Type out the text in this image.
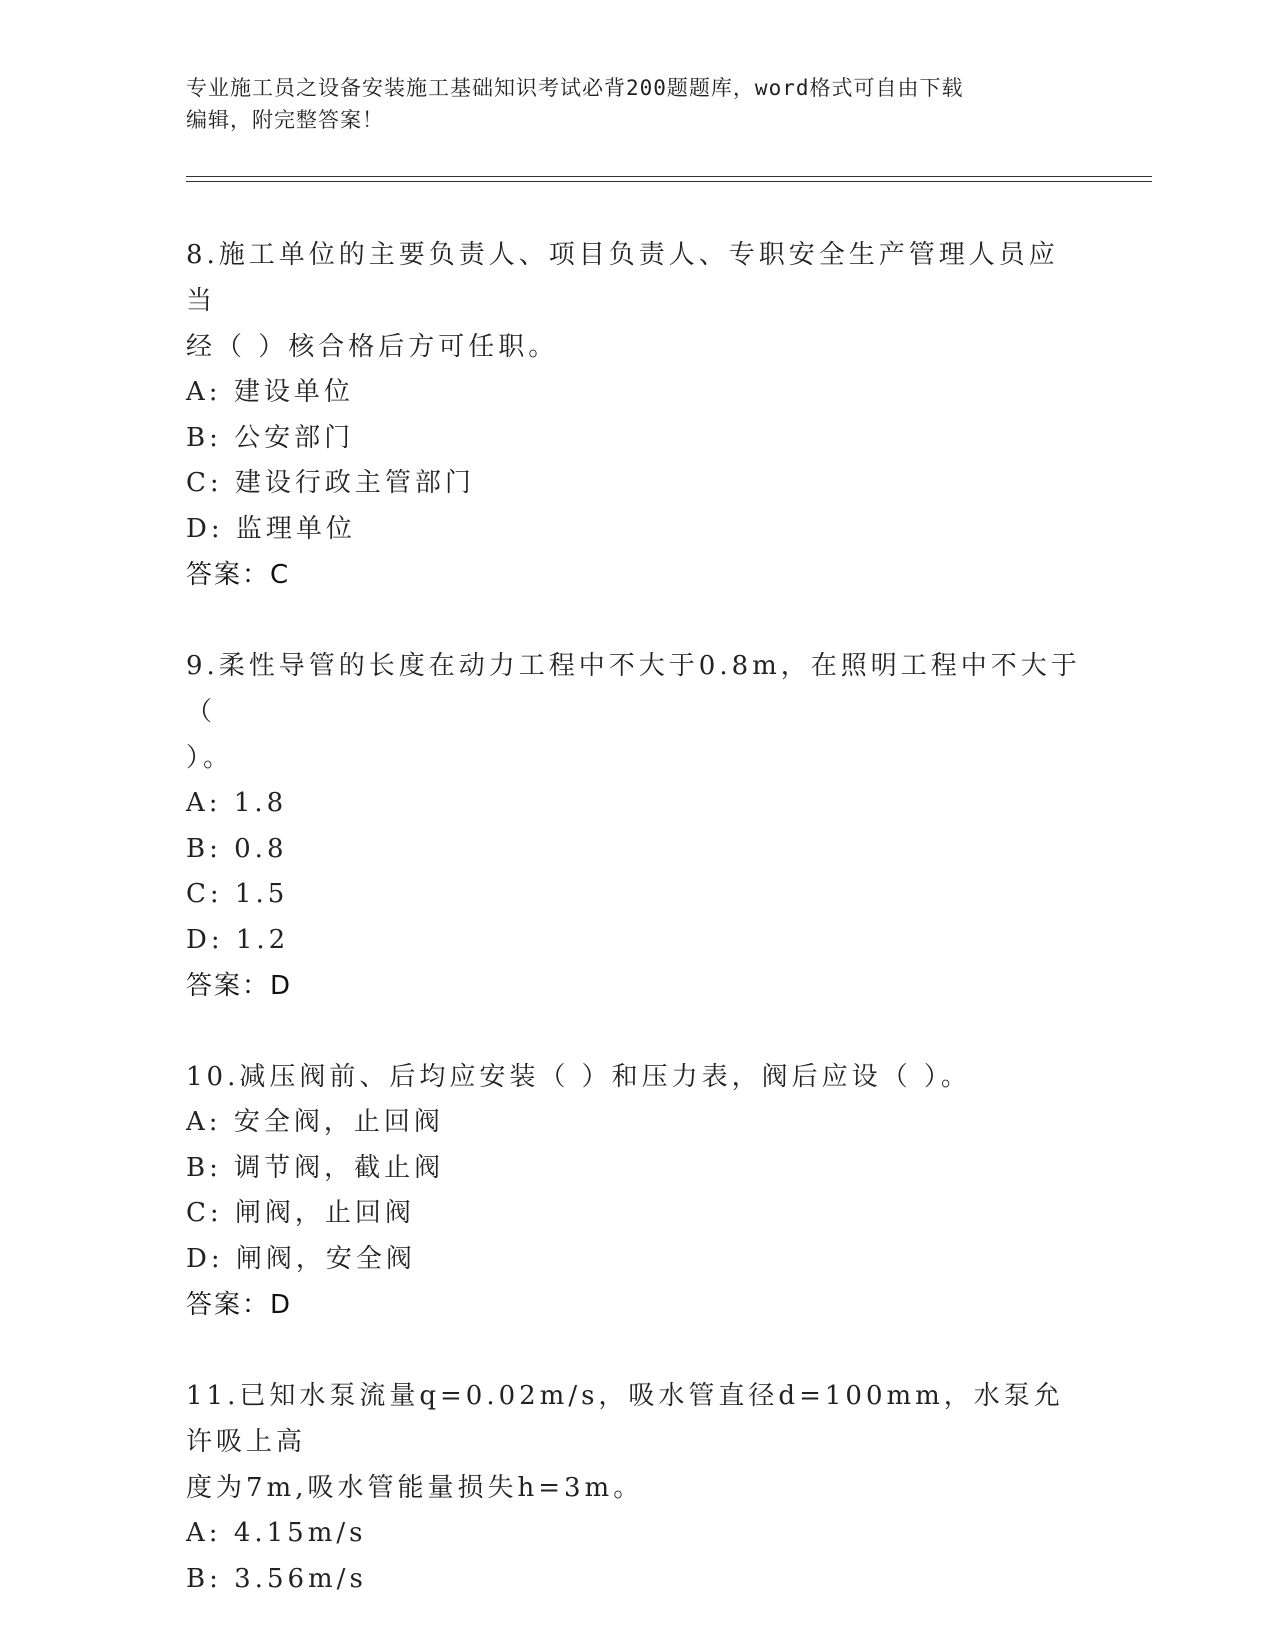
专业施工员之设备安装施工基础知识考试必背200题题库，word格式可自由下载
编辑，附完整答案！

8.施工单位的主要负责人、项目负责人、专职安全生产管理人员应当
经（ ）核合格后方可任职。

A: 建设单位
B: 公安部门
C: 建设行政主管部门
D: 监理单位
答案：C

9.柔性导管的长度在动力工程中不大于0.8m，在照明工程中不大于（
）。

A: 1.8
B: 0.8
C: 1.5
D: 1.2
答案：D

10.减压阀前、后均应安装（ ）和压力表，阀后应设（ ）。

A: 安全阀，止回阀
B: 调节阀，截止阀
C: 闸阀，止回阀
D: 闸阀，安全阀
答案：D

11.已知水泵流量q=0.02m/s，吸水管直径d=100mm，水泵允许吸上高
度为7m,吸水管能量损失h=3m。

A: 4.15m/s
B: 3.56m/s
